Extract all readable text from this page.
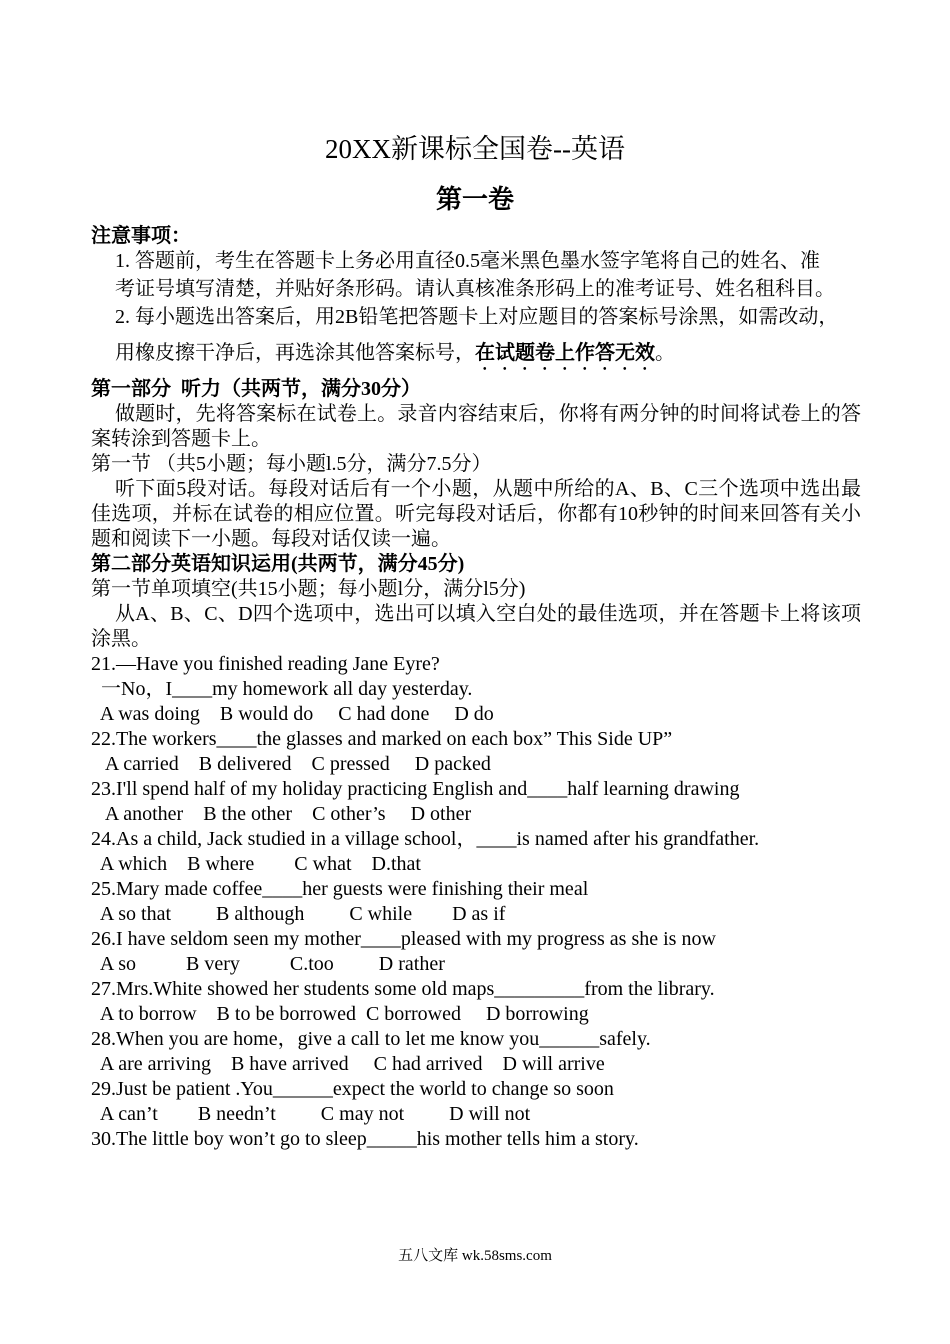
20XX新课标全国卷--英语
第一卷
注意事项：
1. 答题前，考生在答题卡上务必用直径0.5毫米黑色墨水签字笔将自己的姓名、准
考证号填写清楚，并贴好条形码。请认真核准条形码上的准考证号、姓名租科目。
2. 每小题选出答案后，用2B铅笔把答题卡上对应题目的答案标号涂黑，如需改动，
用橡皮擦干净后，再选涂其他答案标号，在试题卷上作答无效。
第一部分  听力（共两节，满分30分）
做题时，先将答案标在试卷上。录音内容结束后，你将有两分钟的时间将试卷上的答案转涂到答题卡上。
第一节 （共5小题；每小题l.5分，满分7.5分）
听下面5段对话。每段对话后有一个小题，从题中所给的A、B、C三个选项中选出最佳选项，并标在试卷的相应位置。听完每段对话后，你都有10秒钟的时间来回答有关小题和阅读下一小题。每段对话仅读一遍。
第二部分英语知识运用(共两节，满分45分)
第一节单项填空(共15小题；每小题l分，满分l5分)
从A、B、C、D四个选项中，选出可以填入空白处的最佳选项，并在答题卡上将该项涂黑。
21.—Have you finished reading Jane Eyre?
一No，I____my homework all day yesterday.
A was doing    B would do     C had done     D do
22.The workers____the glasses and marked on each box” This Side UP”
A carried    B delivered    C pressed     D packed
23.I'll spend half of my holiday practicing English and____half learning drawing
A another    B the other    C other’s     D other
24.As a child, Jack studied in a village school，____is named after his grandfather.
A which    B where        C what    D.that
25.Mary made coffee____her guests were finishing their meal
A so that         B although         C while        D as if
26.I have seldom seen my mother____pleased with my progress as she is now
A so          B very          C.too         D rather
27.Mrs.White showed her students some old maps_________from the library.
A to borrow    B to be borrowed  C borrowed     D borrowing
28.When you are home，give a call to let me know you______safely.
A are arriving    B have arrived     C had arrived    D will arrive
29.Just be patient .You______expect the world to change so soon
A can’t        B needn’t         C may not         D will not
30.The little boy won’t go to sleep_____his mother tells him a story.
五八文库 wk.58sms.com
